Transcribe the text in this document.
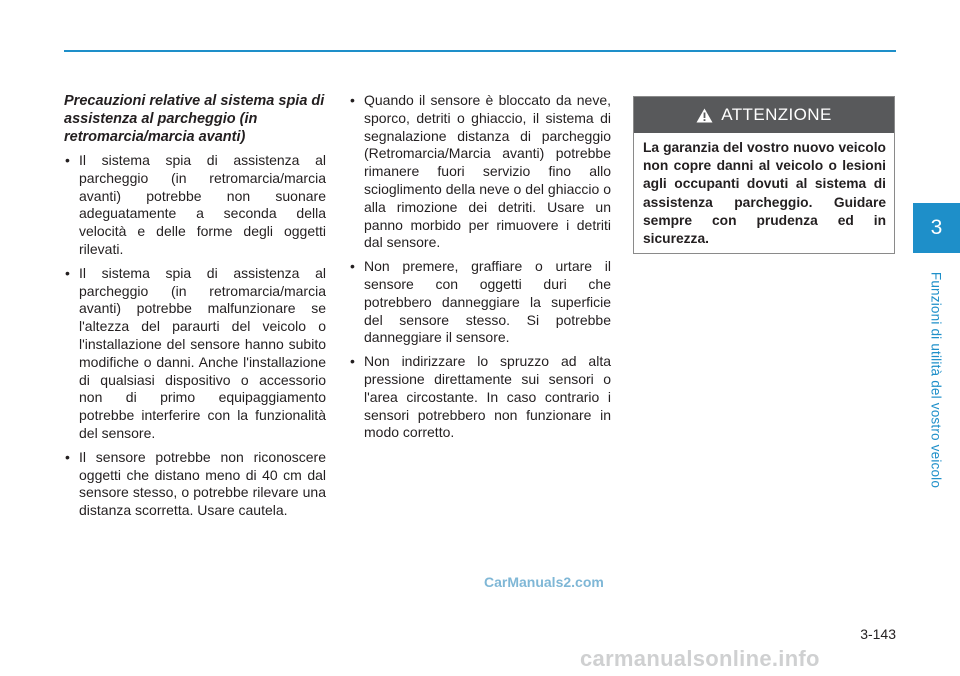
3
Funzioni di utilità del vostro veicolo

Precauzioni relative al sistema spia di assistenza al parcheggio (in retromarcia/marcia avanti)

• Il sistema spia di assistenza al parcheggio (in retromarcia/marcia avanti) potrebbe non suonare adeguatamente a seconda della velocità e delle forme degli oggetti rilevati.
• Il sistema spia di assistenza al parcheggio (in retromarcia/marcia avanti) potrebbe malfunzionare se l'altezza del paraurti del veicolo o l'installazione del sensore hanno subito modifiche o danni. Anche l'installazione di qualsiasi dispositivo o accessorio non di primo equipaggiamento potrebbe interferire con la funzionalità del sensore.
• Il sensore potrebbe non riconoscere oggetti che distano meno di 40 cm dal sensore stesso, o potrebbe rilevare una distanza scorretta. Usare cautela.
• Quando il sensore è bloccato da neve, sporco, detriti o ghiaccio, il sistema di segnalazione distanza di parcheggio (Retromarcia/Marcia avanti) potrebbe rimanere fuori servizio fino allo scioglimento della neve o del ghiaccio o alla rimozione dei detriti. Usare un panno morbido per rimuovere i detriti dal sensore.
• Non premere, graffiare o urtare il sensore con oggetti duri che potrebbero danneggiare la superficie del sensore stesso. Si potrebbe danneggiare il sensore.
• Non indirizzare lo spruzzo ad alta pressione direttamente sui sensori o l'area circostante. In caso contrario i sensori potrebbero non funzionare in modo corretto.
ATTENZIONE
La garanzia del vostro nuovo veicolo non copre danni al veicolo o lesioni agli occupanti dovuti al sistema di assistenza parcheggio. Guidare sempre con prudenza ed in sicurezza.
CarManuals2.com
3-143
carmanualsonline.info
